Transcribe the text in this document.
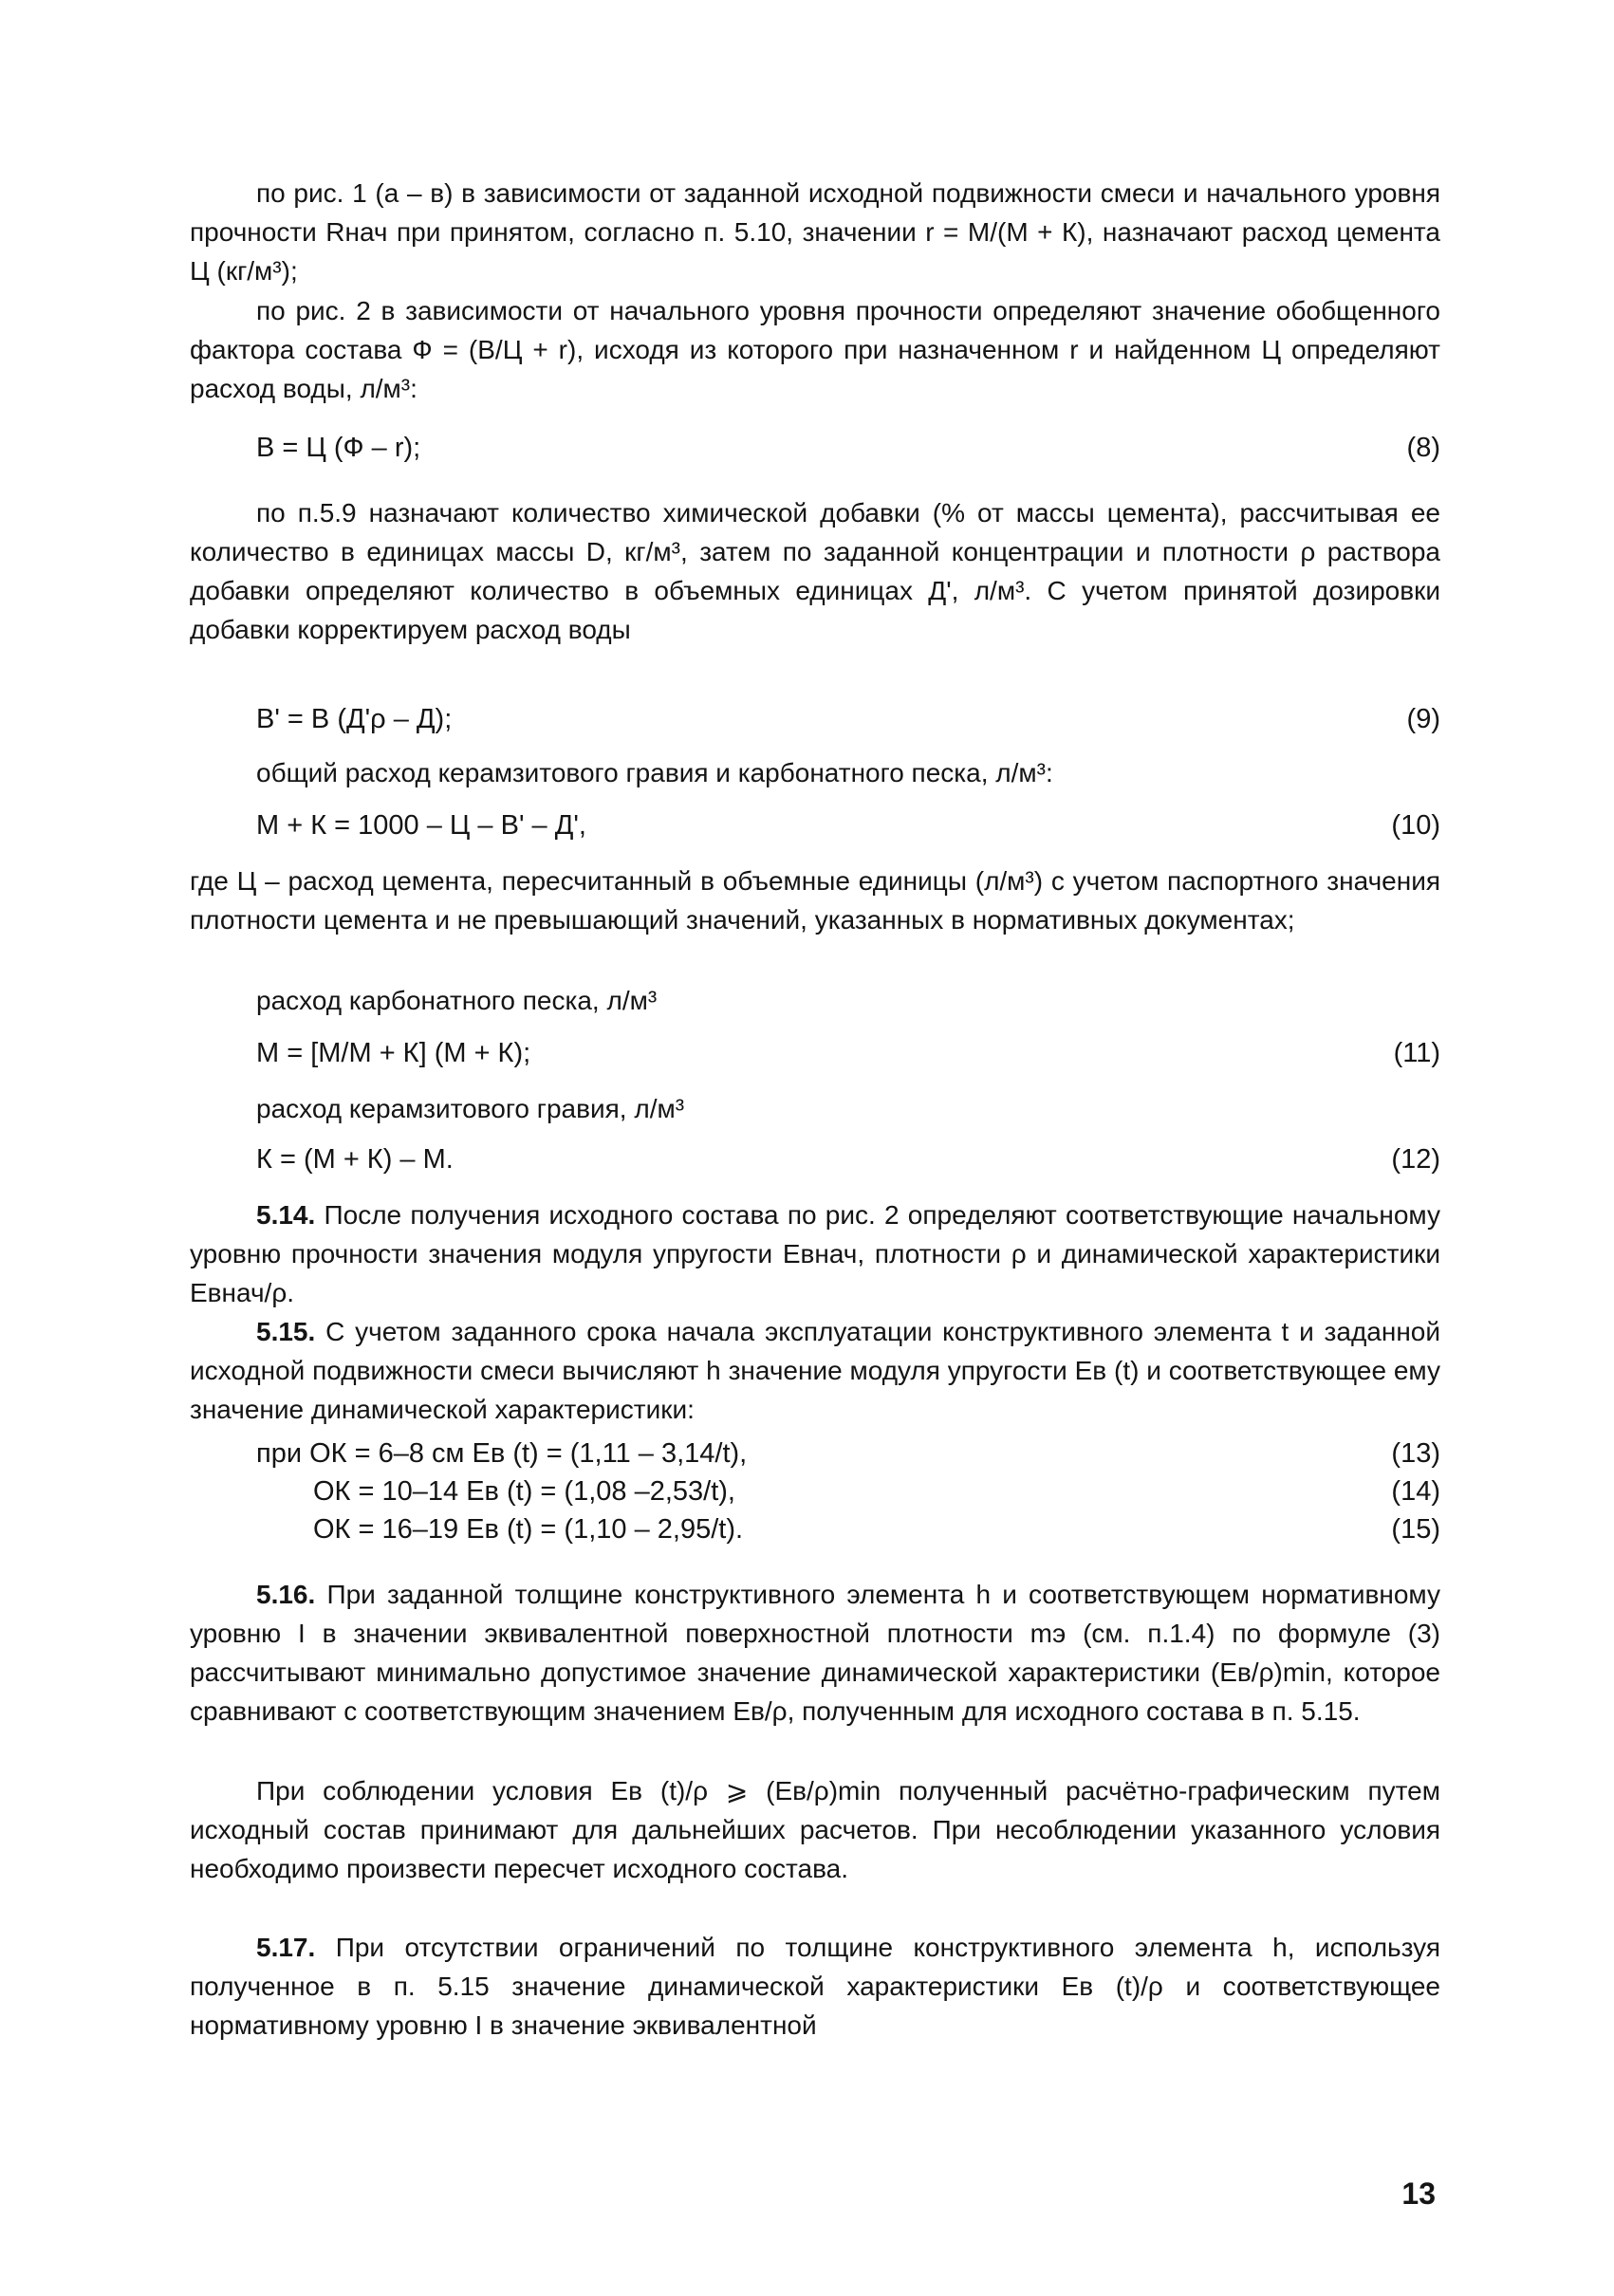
по рис. 1 (а – в) в зависимости от заданной исходной подвижности смеси и начального уровня прочности Rнач при принятом, согласно п. 5.10, значении r = М/(М + К), назначают расход цемента Ц (кг/м³);
по рис. 2 в зависимости от начального уровня прочности определяют значение обобщенного фактора состава Ф = (В/Ц + r), исходя из которого при назначенном r и найденном Ц определяют расход воды, л/м³:
В = Ц (Ф – r);	(8)
по п.5.9 назначают количество химической добавки (% от массы цемента), рассчитывая ее количество в единицах массы D, кг/м³, затем по заданной концентрации и плотности ρ раствора добавки определяют количество в объемных единицах Д', л/м³. С учетом принятой дозировки добавки корректируем расход воды
В' = В (Д'ρ – Д);	(9)
общий расход керамзитового гравия и карбонатного песка, л/м³:
М + К = 1000 – Ц – В' – Д',	(10)
где Ц – расход цемента, пересчитанный в объемные единицы (л/м³) с учетом паспортного значения плотности цемента и не превышающий значений, указанных в нормативных документах;
расход карбонатного песка, л/м³
М = [М/М + К] (М + К);	(11)
расход керамзитового гравия, л/м³
К = (М + К) – М.	(12)
5.14. После получения исходного состава по рис. 2 определяют соответствующие начальному уровню прочности значения модуля упругости Eвнач, плотности ρ и динамической характеристики Eвнач/ρ.
5.15. С учетом заданного срока начала эксплуатации конструктивного элемента t и заданной исходной подвижности смеси вычисляют h значение модуля упругости Eв (t) и соответствующее ему значение динамической характеристики:
при ОК = 6–8 см Eв (t) = (1,11 – 3,14/t),	(13)
ОК = 10–14 Eв (t) = (1,08 –2,53/t),	(14)
ОК = 16–19 Eв (t) = (1,10 – 2,95/t).	(15)
5.16. При заданной толщине конструктивного элемента h и соответствующем нормативному уровню I в значении эквивалентной поверхностной плотности mэ (см. п.1.4) по формуле (3) рассчитывают минимально допустимое значение динамической характеристики (Eв/ρ)min, которое сравнивают с соответствующим значением Eв/ρ, полученным для исходного состава в п. 5.15.
При соблюдении условия Eв (t)/ρ ⩾ (Eв/ρ)min полученный расчётно-графическим путем исходный состав принимают для дальнейших расчетов. При несоблюдении указанного условия необходимо произвести пересчет исходного состава.
5.17. При отсутствии ограничений по толщине конструктивного элемента h, используя полученное в п. 5.15 значение динамической характеристики Eв (t)/ρ и соответствующее нормативному уровню I в значение эквивалентной
13
